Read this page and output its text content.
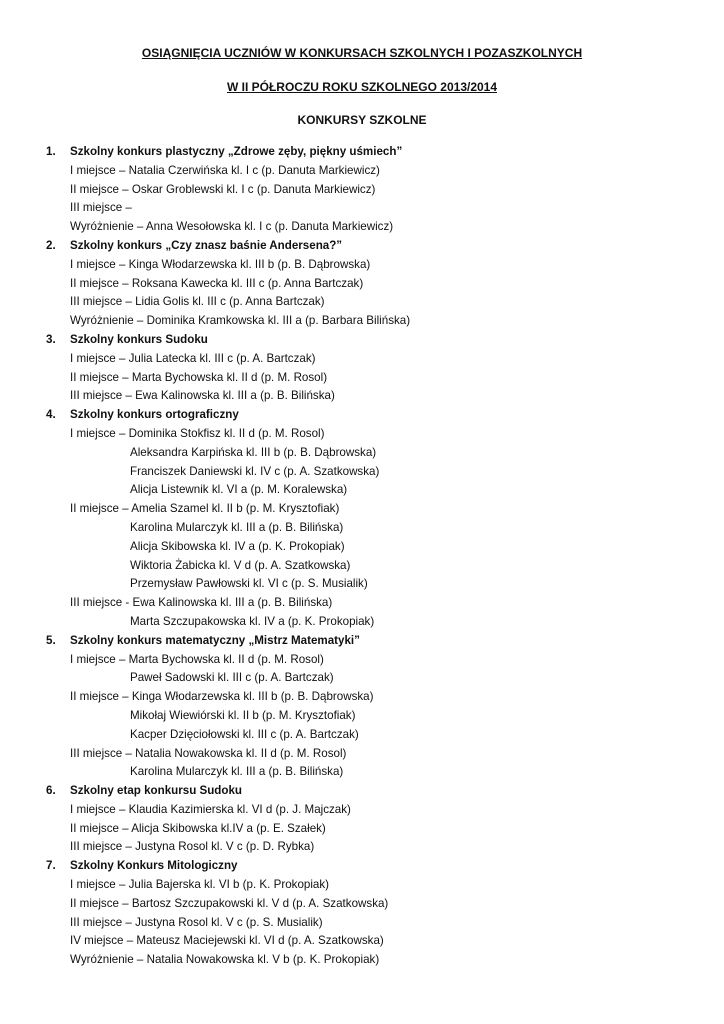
OSIĄGNIĘCIA UCZNIÓW W KONKURSACH SZKOLNYCH I POZASZKOLNYCH
W II PÓŁROCZU ROKU SZKOLNEGO 2013/2014
KONKURSY SZKOLNE
1. Szkolny konkurs plastyczny „Zdrowe zęby, piękny uśmiech”
I miejsce – Natalia Czerwińska kl. I c (p. Danuta Markiewicz)
II miejsce – Oskar Groblewski kl. I c (p. Danuta Markiewicz)
III miejsce –
Wyróżnienie – Anna Wesołowska kl. I c (p. Danuta Markiewicz)
2. Szkolny konkurs „Czy znasz baśnie Andersena?”
I miejsce – Kinga Włodarzewska kl. III b (p. B. Dąbrowska)
II miejsce – Roksana Kawecka kl. III c (p. Anna Bartczak)
III miejsce – Lidia Golis kl. III c (p. Anna Bartczak)
Wyróżnienie – Dominika Kramkowska kl. III a (p. Barbara Bilińska)
3. Szkolny konkurs Sudoku
I miejsce – Julia Latecka kl. III c (p. A. Bartczak)
II miejsce – Marta Bychowska kl. II d (p. M. Rosol)
III miejsce – Ewa Kalinowska kl. III a (p. B. Bilińska)
4. Szkolny konkurs ortograficzny
I miejsce – Dominika Stokfisz kl. II d (p. M. Rosol)
Aleksandra Karpińska kl. III b (p. B. Dąbrowska)
Franciszek Daniewski kl. IV c (p. A. Szatkowska)
Alicja Listewnik kl. VI a (p. M. Koralewska)
II miejsce – Amelia Szamel kl. II b (p. M. Krysztofiak)
Karolina Mularczyk kl. III a (p. B. Bilińska)
Alicja Skibowska kl. IV a (p. K. Prokopiak)
Wiktoria Żabicka kl. V d (p. A. Szatkowska)
Przemysław Pawłowski kl. VI c (p. S. Musialik)
III miejsce - Ewa Kalinowska kl. III a (p. B. Bilińska)
Marta Szczupakowska kl. IV a (p. K. Prokopiak)
5. Szkolny konkurs matematyczny „Mistrz Matematyki”
I miejsce – Marta Bychowska kl. II d (p. M. Rosol)
Paweł Sadowski kl. III c (p. A. Bartczak)
II miejsce – Kinga Włodarzewska kl. III b (p. B. Dąbrowska)
Mikołaj Wiewiórski kl. II b (p. M. Krysztofiak)
Kacper Dzięciołowski kl. III c (p. A. Bartczak)
III miejsce – Natalia Nowakowska kl. II d (p. M. Rosol)
Karolina Mularczyk kl. III a (p. B. Bilińska)
6. Szkolny etap konkursu Sudoku
I miejsce – Klaudia Kazimierska kl. VI d (p. J. Majczak)
II miejsce – Alicja Skibowska kl.IV a (p. E. Szałek)
III miejsce – Justyna Rosol kl. V c (p. D. Rybka)
7. Szkolny Konkurs Mitologiczny
I miejsce – Julia Bajerska kl. VI b (p. K. Prokopiak)
II miejsce – Bartosz Szczupakowski kl. V d (p. A. Szatkowska)
III miejsce – Justyna Rosol kl. V c (p. S. Musialik)
IV miejsce – Mateusz Maciejewski kl. VI d (p. A. Szatkowska)
Wyróżnienie – Natalia Nowakowska kl. V b (p. K. Prokopiak)
